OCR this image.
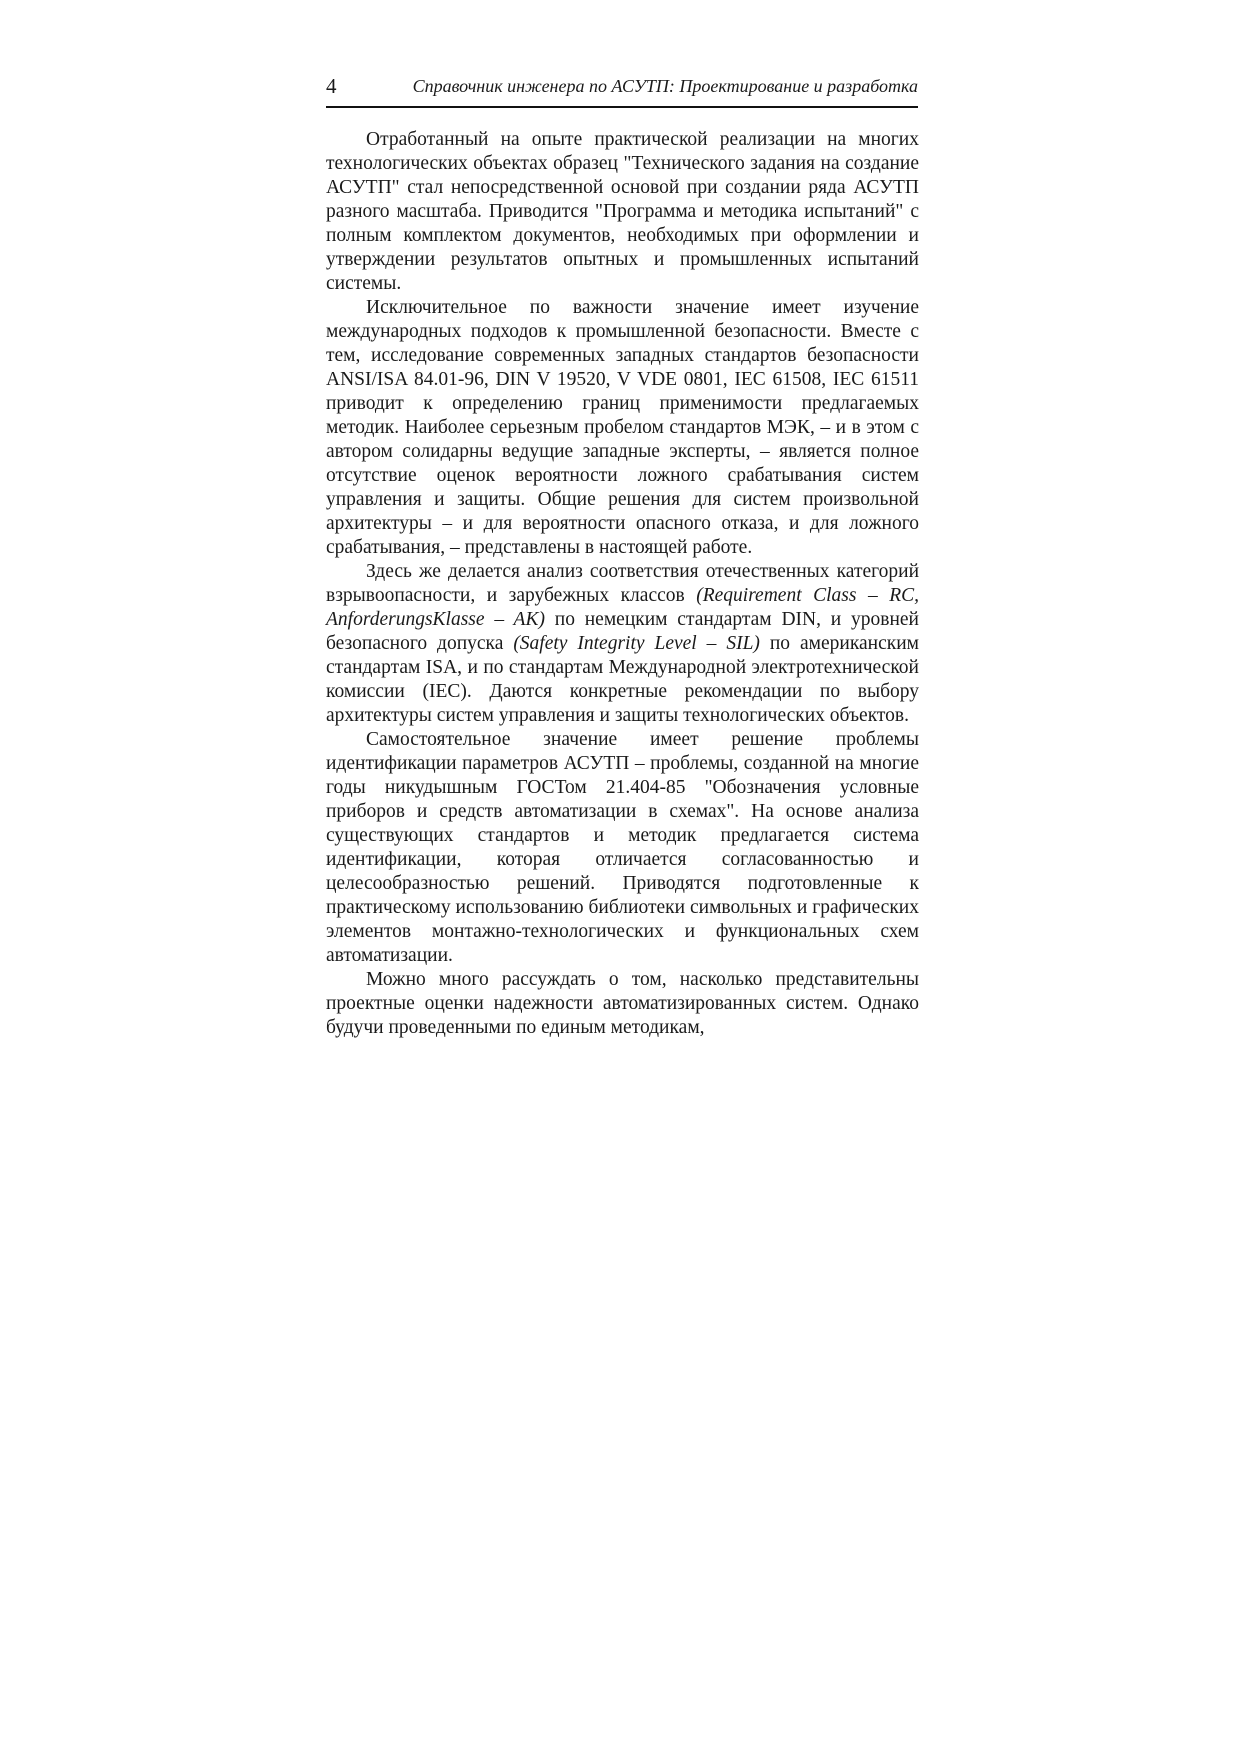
4	Справочник инженера по АСУТП: Проектирование и разработка

Отработанный на опыте практической реализации на многих технологических объектах образец "Технического задания на создание АСУТП" стал непосредственной основой при создании ряда АСУТП разного масштаба. Приводится "Программа и методика испытаний" с полным комплектом документов, необходимых при оформлении и утверждении результатов опытных и промышленных испытаний системы.

Исключительное по важности значение имеет изучение международных подходов к промышленной безопасности. Вместе с тем, исследование современных западных стандартов безопасности ANSI/ISA 84.01-96, DIN V 19520, V VDE 0801, IEC 61508, IEC 61511 приводит к определению границ применимости предлагаемых методик. Наиболее серьезным пробелом стандартов МЭК, – и в этом с автором солидарны ведущие западные эксперты, – является полное отсутствие оценок вероятности ложного срабатывания систем управления и защиты. Общие решения для систем произвольной архитектуры – и для вероятности опасного отказа, и для ложного срабатывания, – представлены в настоящей работе.

Здесь же делается анализ соответствия отечественных категорий взрывоопасности, и зарубежных классов (Requirement Class – RC, AnforderungsKlasse – AK) по немецким стандартам DIN, и уровней безопасного допуска (Safety Integrity Level – SIL) по американским стандартам ISA, и по стандартам Международной электротехнической комиссии (IEC). Даются конкретные рекомендации по выбору архитектуры систем управления и защиты технологических объектов.

Самостоятельное значение имеет решение проблемы идентификации параметров АСУТП – проблемы, созданной на многие годы никудышным ГОСТом 21.404-85 "Обозначения условные приборов и средств автоматизации в схемах". На основе анализа существующих стандартов и методик предлагается система идентификации, которая отличается согласованностью и целесообразностью решений. Приводятся подготовленные к практическому использованию библиотеки символьных и графических элементов монтажно-технологических и функциональных схем автоматизации.

Можно много рассуждать о том, насколько представительны проектные оценки надежности автоматизированных систем. Однако будучи проведенными по единым методикам,
